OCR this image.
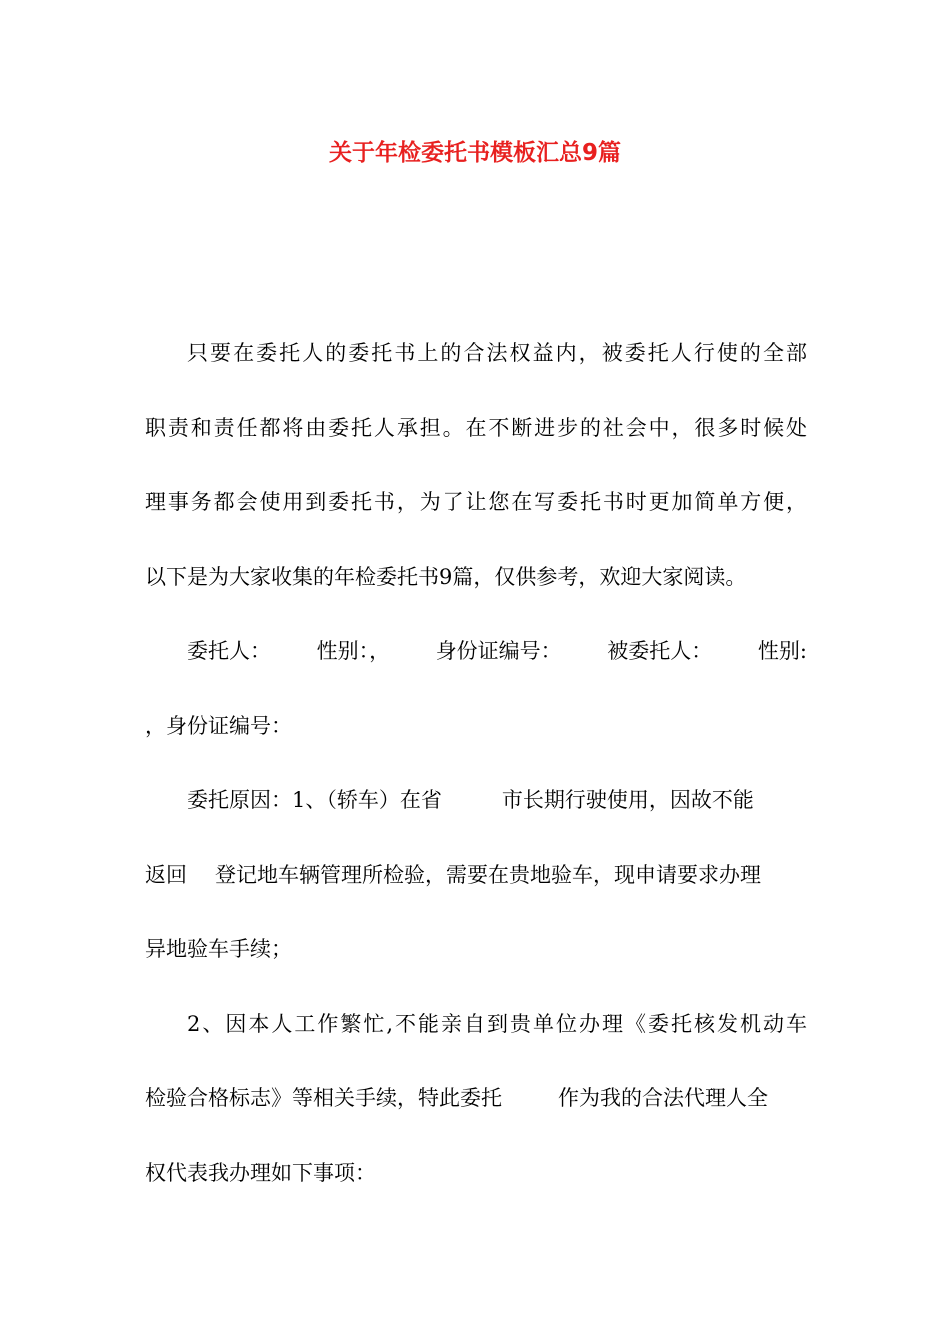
关于年检委托书模板汇总9篇
只要在委托人的委托书上的合法权益内，被委托人行使的全部
职责和责任都将由委托人承担。在不断进步的社会中，很多时候处
理事务都会使用到委托书，为了让您在写委托书时更加简单方便，
以下是为大家收集的年检委托书9篇，仅供参考，欢迎大家阅读。
委托人： 性别：， 身份证编号： 被委托人： 性别:
，身份证编号：
委托原因：1、（轿车）在省	市长期行驶使用，因故不能
返回 登记地车辆管理所检验，需要在贵地验车，现申请要求办理
异地验车手续；
2、因本人工作繁忙,不能亲自到贵单位办理《委托核发机动车
检验合格标志》等相关手续，特此委托	作为我的合法代理人全
权代表我办理如下事项：
